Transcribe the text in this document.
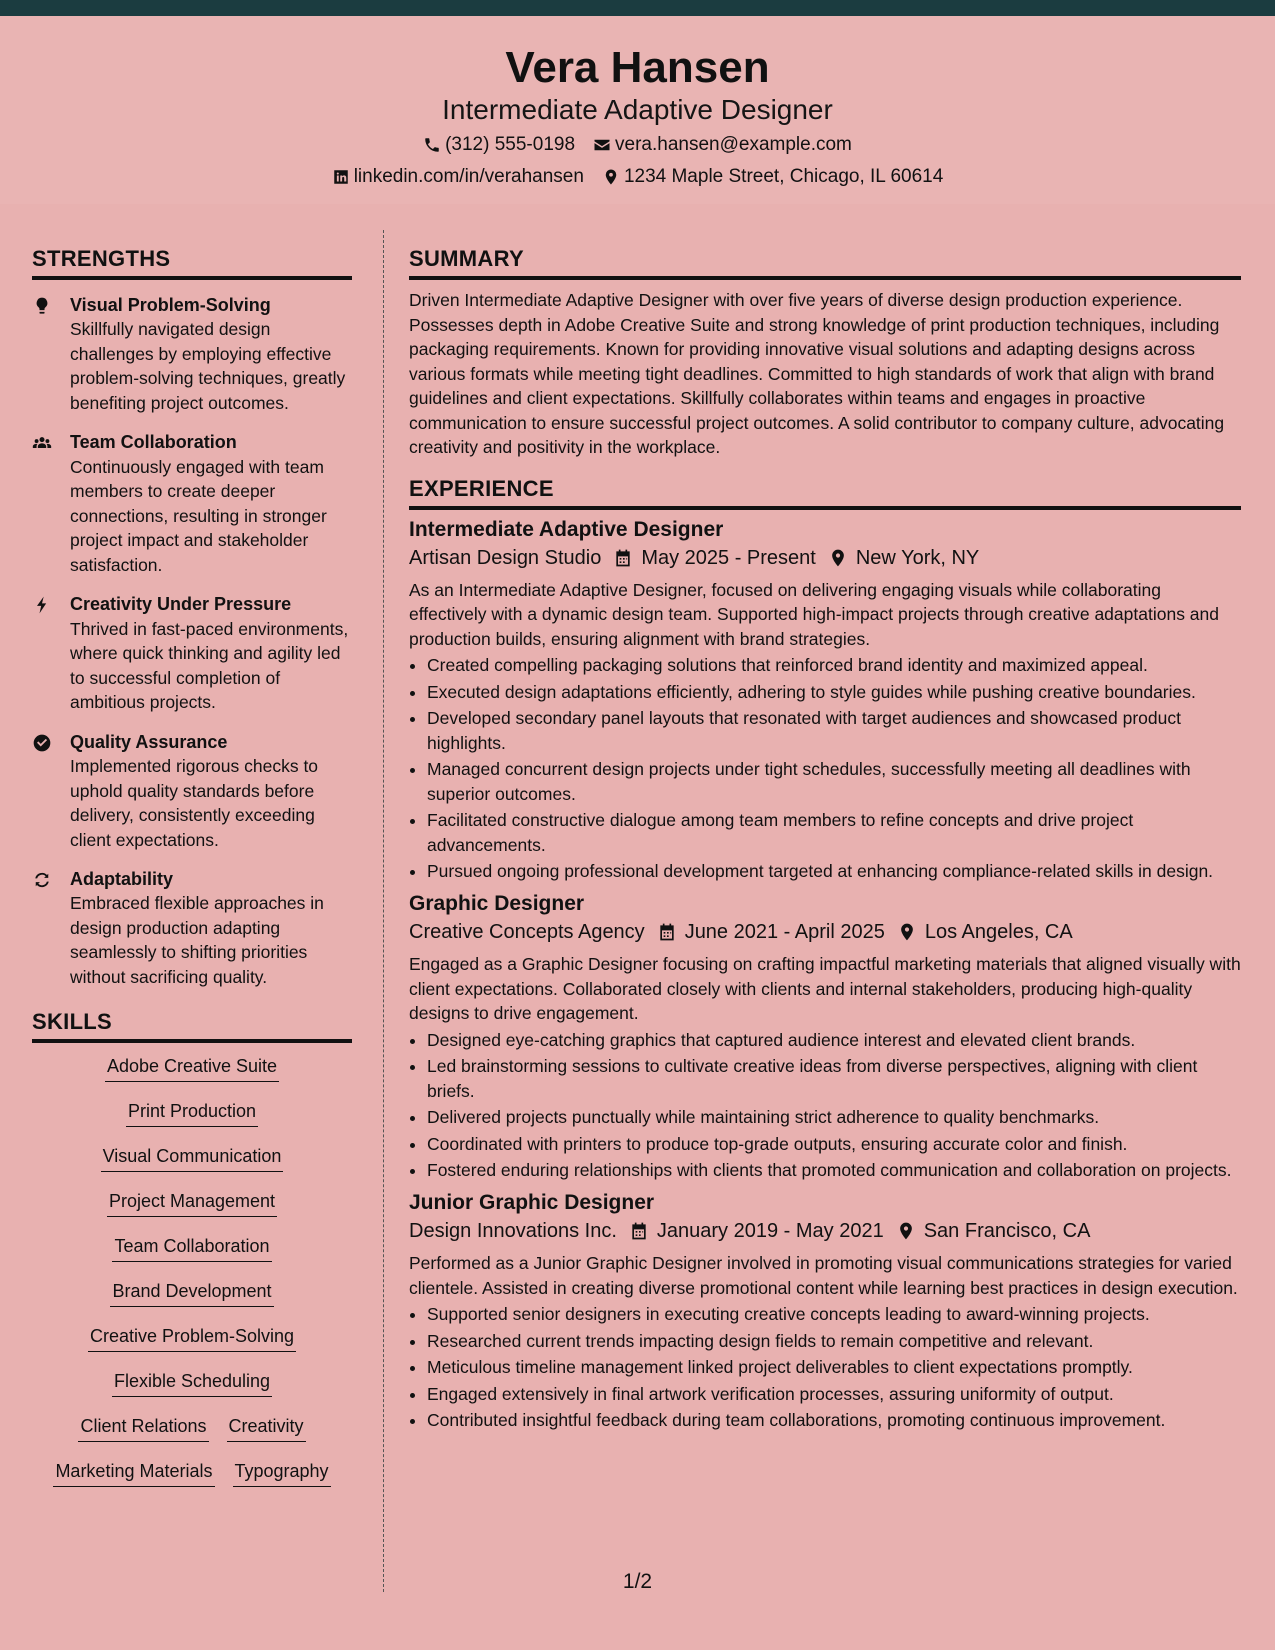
Vera Hansen
Intermediate Adaptive Designer
(312) 555-0198 vera.hansen@example.com
linkedin.com/in/verahansen 1234 Maple Street, Chicago, IL 60614
STRENGTHS
Visual Problem-Solving
Skillfully navigated design challenges by employing effective problem-solving techniques, greatly benefiting project outcomes.
Team Collaboration
Continuously engaged with team members to create deeper connections, resulting in stronger project impact and stakeholder satisfaction.
Creativity Under Pressure
Thrived in fast-paced environments, where quick thinking and agility led to successful completion of ambitious projects.
Quality Assurance
Implemented rigorous checks to uphold quality standards before delivery, consistently exceeding client expectations.
Adaptability
Embraced flexible approaches in design production adapting seamlessly to shifting priorities without sacrificing quality.
SKILLS
Adobe Creative Suite
Print Production
Visual Communication
Project Management
Team Collaboration
Brand Development
Creative Problem-Solving
Flexible Scheduling
Client Relations Creativity
Marketing Materials Typography
SUMMARY
Driven Intermediate Adaptive Designer with over five years of diverse design production experience. Possesses depth in Adobe Creative Suite and strong knowledge of print production techniques, including packaging requirements. Known for providing innovative visual solutions and adapting designs across various formats while meeting tight deadlines. Committed to high standards of work that align with brand guidelines and client expectations. Skillfully collaborates within teams and engages in proactive communication to ensure successful project outcomes. A solid contributor to company culture, advocating creativity and positivity in the workplace.
EXPERIENCE
Intermediate Adaptive Designer
Artisan Design Studio May 2025 - Present New York, NY
As an Intermediate Adaptive Designer, focused on delivering engaging visuals while collaborating effectively with a dynamic design team. Supported high-impact projects through creative adaptations and production builds, ensuring alignment with brand strategies.
• Created compelling packaging solutions that reinforced brand identity and maximized appeal.
• Executed design adaptations efficiently, adhering to style guides while pushing creative boundaries.
• Developed secondary panel layouts that resonated with target audiences and showcased product highlights.
• Managed concurrent design projects under tight schedules, successfully meeting all deadlines with superior outcomes.
• Facilitated constructive dialogue among team members to refine concepts and drive project advancements.
• Pursued ongoing professional development targeted at enhancing compliance-related skills in design.
Graphic Designer
Creative Concepts Agency June 2021 - April 2025 Los Angeles, CA
Engaged as a Graphic Designer focusing on crafting impactful marketing materials that aligned visually with client expectations. Collaborated closely with clients and internal stakeholders, producing high-quality designs to drive engagement.
• Designed eye-catching graphics that captured audience interest and elevated client brands.
• Led brainstorming sessions to cultivate creative ideas from diverse perspectives, aligning with client briefs.
• Delivered projects punctually while maintaining strict adherence to quality benchmarks.
• Coordinated with printers to produce top-grade outputs, ensuring accurate color and finish.
• Fostered enduring relationships with clients that promoted communication and collaboration on projects.
Junior Graphic Designer
Design Innovations Inc. January 2019 - May 2021 San Francisco, CA
Performed as a Junior Graphic Designer involved in promoting visual communications strategies for varied clientele. Assisted in creating diverse promotional content while learning best practices in design execution.
• Supported senior designers in executing creative concepts leading to award-winning projects.
• Researched current trends impacting design fields to remain competitive and relevant.
• Meticulous timeline management linked project deliverables to client expectations promptly.
• Engaged extensively in final artwork verification processes, assuring uniformity of output.
• Contributed insightful feedback during team collaborations, promoting continuous improvement.
1/2
